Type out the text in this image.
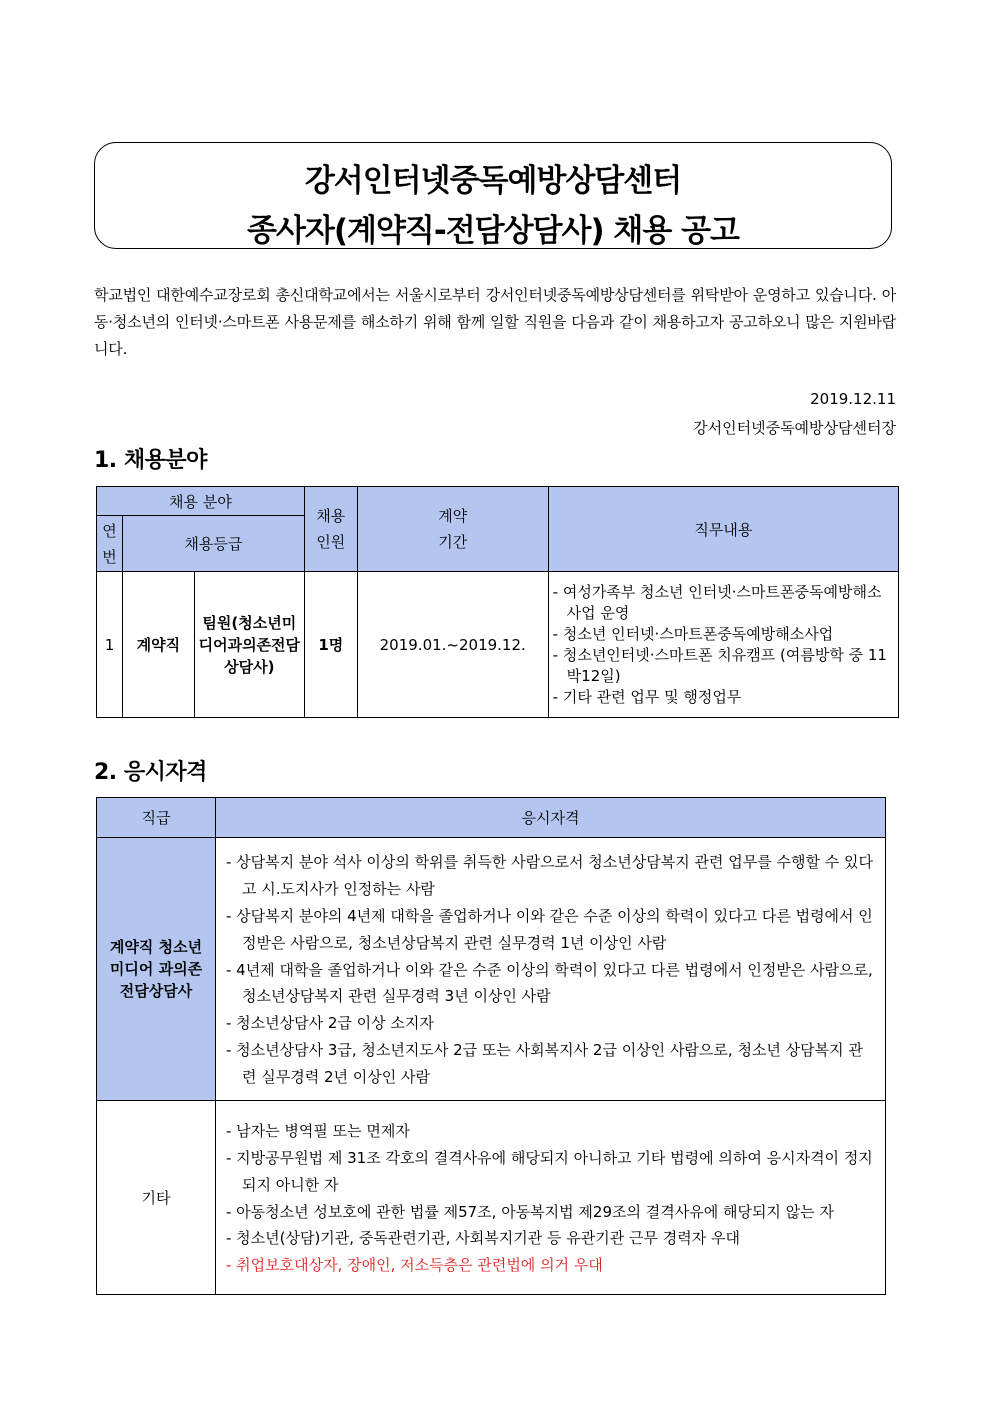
강서인터넷중독예방상담센터
종사자(계약직-전담상담사) 채용 공고
학교법인 대한예수교장로회 총신대학교에서는 서울시로부터 강서인터넷중독예방상담센터를 위탁받아 운영하고 있습니다. 아동·청소년의 인터넷·스마트폰 사용문제를 해소하기 위해 함께 일할 직원을 다음과 같이 채용하고자 공고하오니 많은 지원바랍니다.
2019.12.11
강서인터넷중독예방상담센터장
1. 채용분야
채용 분야			채용인원	계약기간	직무내용
연번	채용등급				
1	계약직	팀원(청소년미디어과의존전담상담사)	1명	2019.01.~2019.12.	- 여성가족부 청소년 인터넷·스마트폰중독예방해소사업 운영
- 청소년 인터넷·스마트폰중독예방해소사업
- 청소년인터넷·스마트폰 치유캠프 (여름방학 중 11박12일)
- 기타 관련 업무 및 행정업무
2. 응시자격
직급	응시자격
계약직 청소년미디어 과의존 전담상담사	- 상담복지 분야 석사 이상의 학위를 취득한 사람으로서 청소년상담복지 관련 업무를 수행할 수 있다고 시.도지사가 인정하는 사람
- 상담복지 분야의 4년제 대학을 졸업하거나 이와 같은 수준 이상의 학력이 있다고 다른 법령에서 인정받은 사람으로, 청소년상담복지 관련 실무경력 1년 이상인 사람
- 4년제 대학을 졸업하거나 이와 같은 수준 이상의 학력이 있다고 다른 법령에서 인정받은 사람으로, 청소년상담복지 관련 실무경력 3년 이상인 사람
- 청소년상담사 2급 이상 소지자
- 청소년상담사 3급, 청소년지도사 2급 또는 사회복지사 2급 이상인 사람으로, 청소년 상담복지 관련 실무경력 2년 이상인 사람

기타	- 남자는 병역필 또는 면제자
- 지방공무원법 제 31조 각호의 결격사유에 해당되지 아니하고 기타 법령에 의하여 응시자격이 정지되지 아니한 자
- 아동청소년 성보호에 관한 법률 제57조, 아동복지법 제29조의 결격사유에 해당되지 않는 자
- 청소년(상담)기관, 중독관련기관, 사회복지기관 등 유관기관 근무 경력자 우대
- 취업보호대상자, 장애인, 저소득층은 관련법에 의거 우대
